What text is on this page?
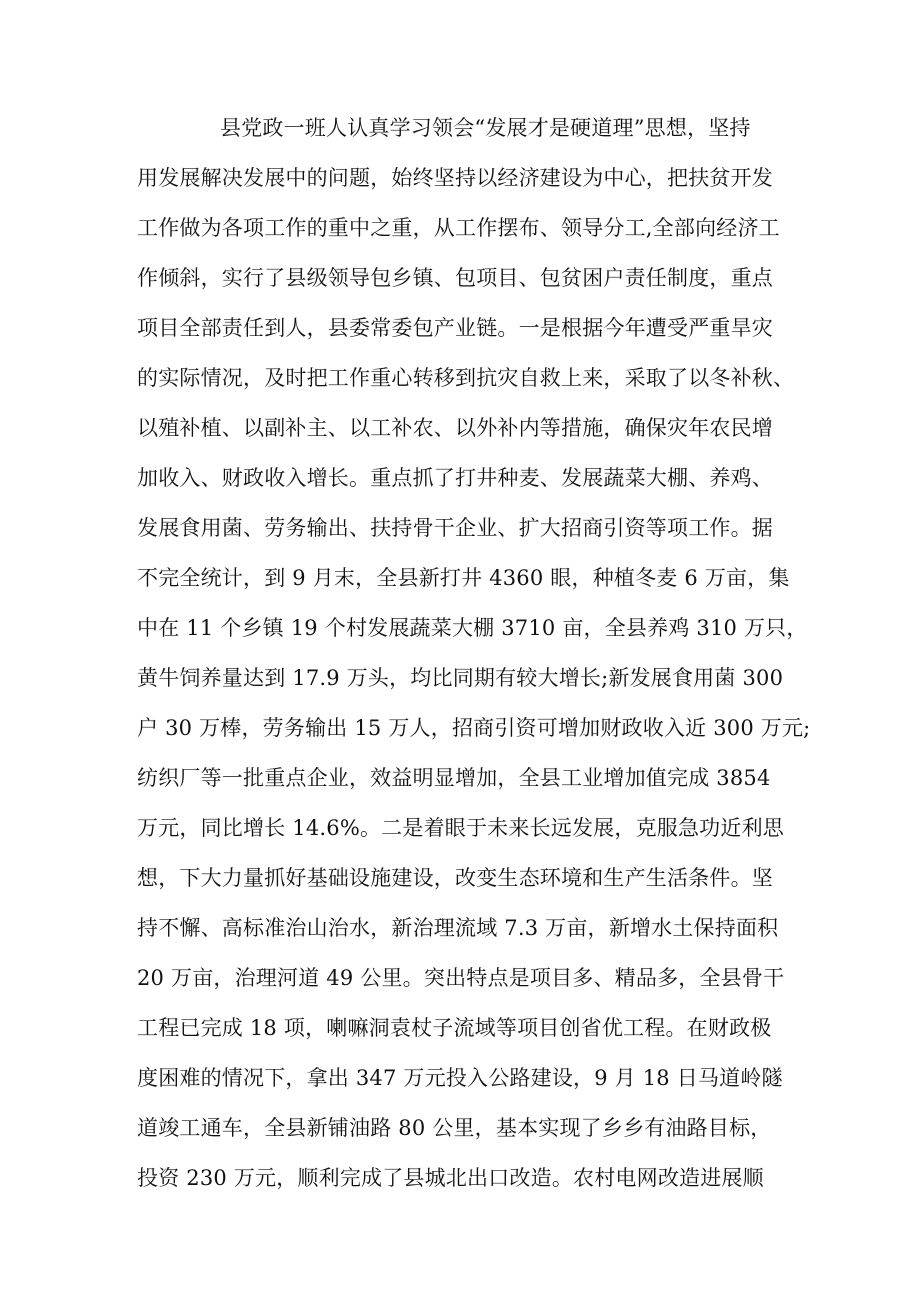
县党政一班人认真学习领会“发展才是硬道理”思想，坚持
用发展解决发展中的问题，始终坚持以经济建设为中心，把扶贫开发
工作做为各项工作的重中之重，从工作摆布、领导分工,全部向经济工
作倾斜，实行了县级领导包乡镇、包项目、包贫困户责任制度，重点
项目全部责任到人，县委常委包产业链。一是根据今年遭受严重旱灾
的实际情况，及时把工作重心转移到抗灾自救上来，采取了以冬补秋、
以殖补植、以副补主、以工补农、以外补内等措施，确保灾年农民增
加收入、财政收入增长。重点抓了打井种麦、发展蔬菜大棚、养鸡、
发展食用菌、劳务输出、扶持骨干企业、扩大招商引资等项工作。据
不完全统计，到 9 月末，全县新打井 4360 眼，种植冬麦 6 万亩，集
中在 11 个乡镇 19 个村发展蔬菜大棚 3710 亩，全县养鸡 310 万只，
黄牛饲养量达到 17.9 万头，均比同期有较大增长;新发展食用菌 300
户 30 万棒，劳务输出 15 万人，招商引资可增加财政收入近 300 万元;
纺织厂等一批重点企业，效益明显增加，全县工业增加值完成 3854
万元，同比增长 14.6%。二是着眼于未来长远发展，克服急功近利思
想，下大力量抓好基础设施建设，改变生态环境和生产生活条件。坚
持不懈、高标准治山治水，新治理流域 7.3 万亩，新增水土保持面积
20 万亩，治理河道 49 公里。突出特点是项目多、精品多，全县骨干
工程已完成 18 项，喇嘛洞袁杖子流域等项目创省优工程。在财政极
度困难的情况下，拿出 347 万元投入公路建设，9 月 18 日马道岭隧
道竣工通车，全县新铺油路 80 公里，基本实现了乡乡有油路目标，
投资 230 万元，顺利完成了县城北出口改造。农村电网改造进展顺
